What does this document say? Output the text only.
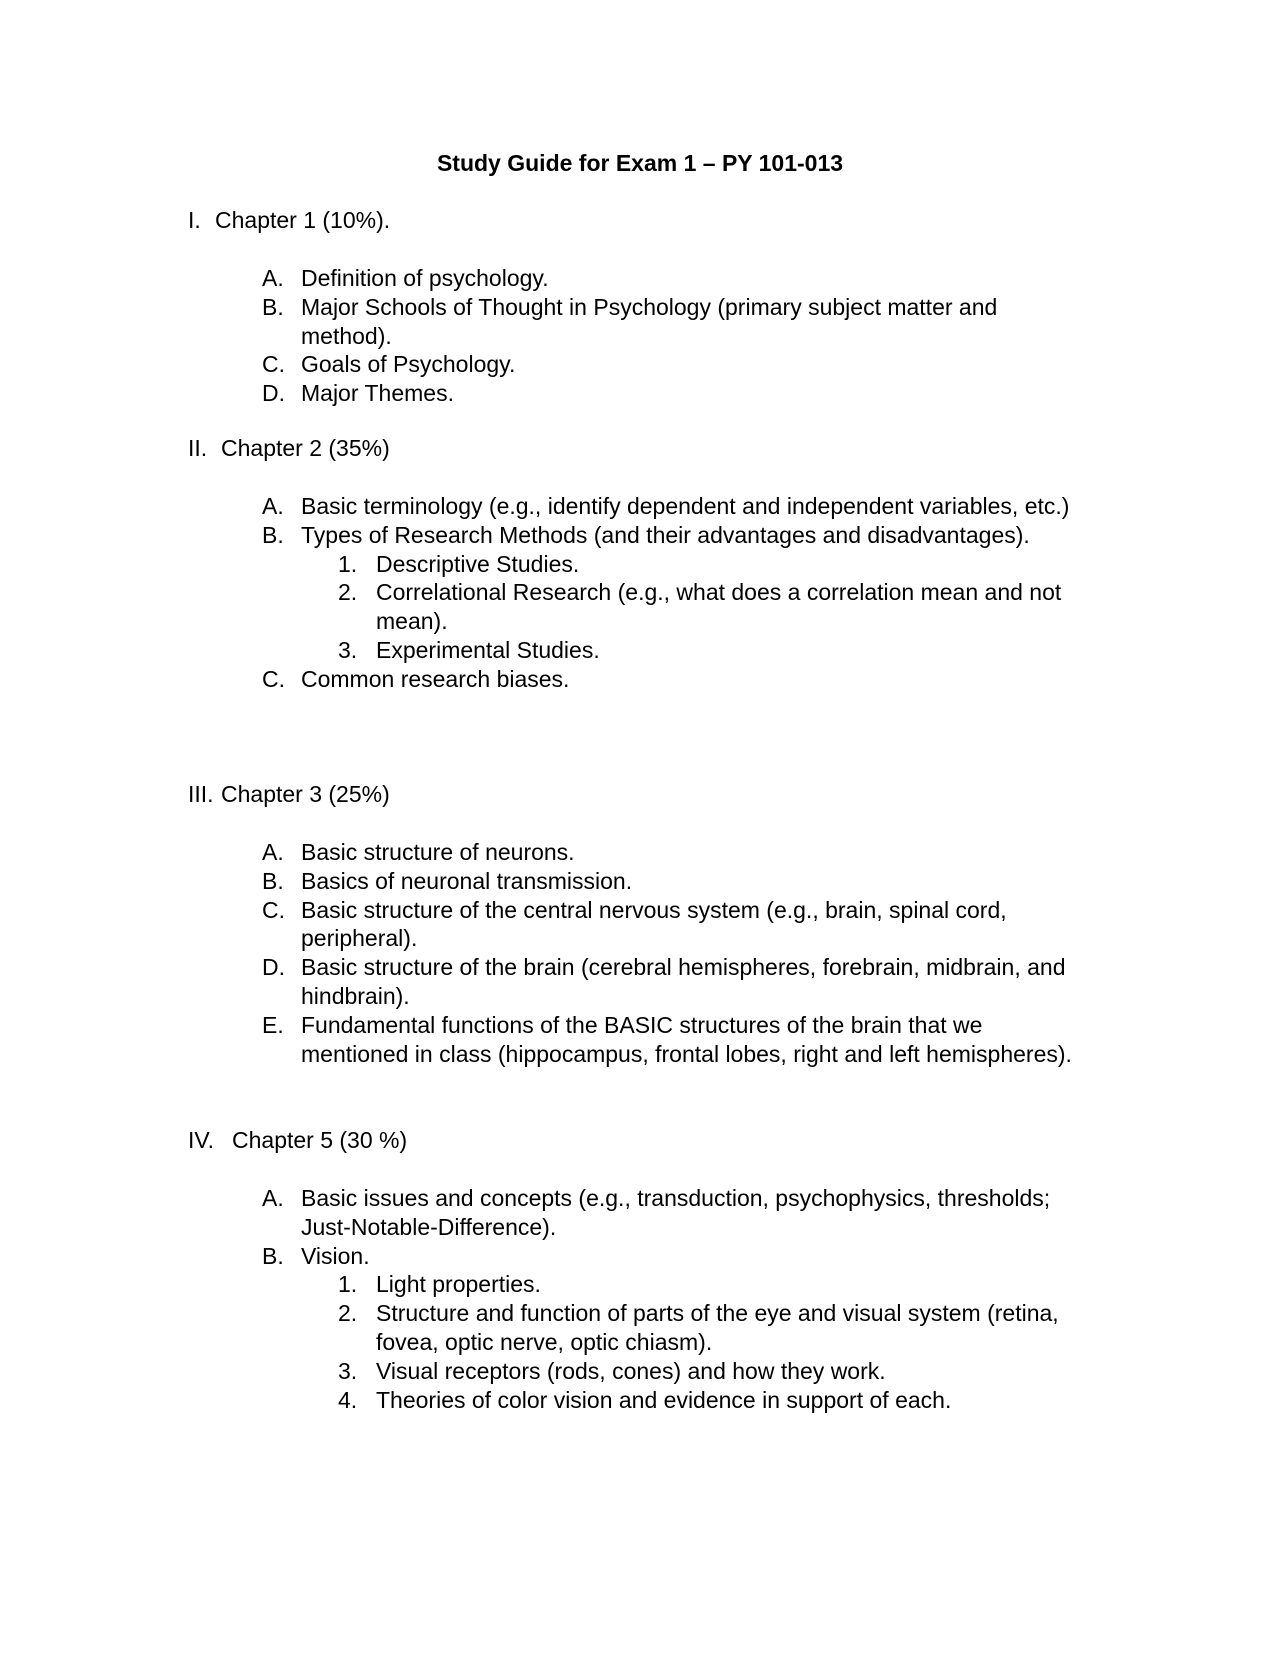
Study Guide for Exam 1 – PY 101-013
I. Chapter 1 (10%).
A. Definition of psychology.
B. Major Schools of Thought in Psychology (primary subject matter and method).
C. Goals of Psychology.
D. Major Themes.
II. Chapter 2 (35%)
A. Basic terminology (e.g., identify dependent and independent variables, etc.)
B. Types of Research Methods (and their advantages and disadvantages).
1. Descriptive Studies.
2. Correlational Research (e.g., what does a correlation mean and not mean).
3. Experimental Studies.
C. Common research biases.
III. Chapter 3 (25%)
A. Basic structure of neurons.
B. Basics of neuronal transmission.
C. Basic structure of the central nervous system (e.g., brain, spinal cord, peripheral).
D. Basic structure of the brain (cerebral hemispheres, forebrain, midbrain, and hindbrain).
E. Fundamental functions of the BASIC structures of the brain that we mentioned in class (hippocampus, frontal lobes, right and left hemispheres).
IV. Chapter 5 (30 %)
A. Basic issues and concepts (e.g., transduction, psychophysics, thresholds; Just-Notable-Difference).
B. Vision.
1. Light properties.
2. Structure and function of parts of the eye and visual system (retina, fovea, optic nerve, optic chiasm).
3. Visual receptors (rods, cones) and how they work.
4. Theories of color vision and evidence in support of each.
